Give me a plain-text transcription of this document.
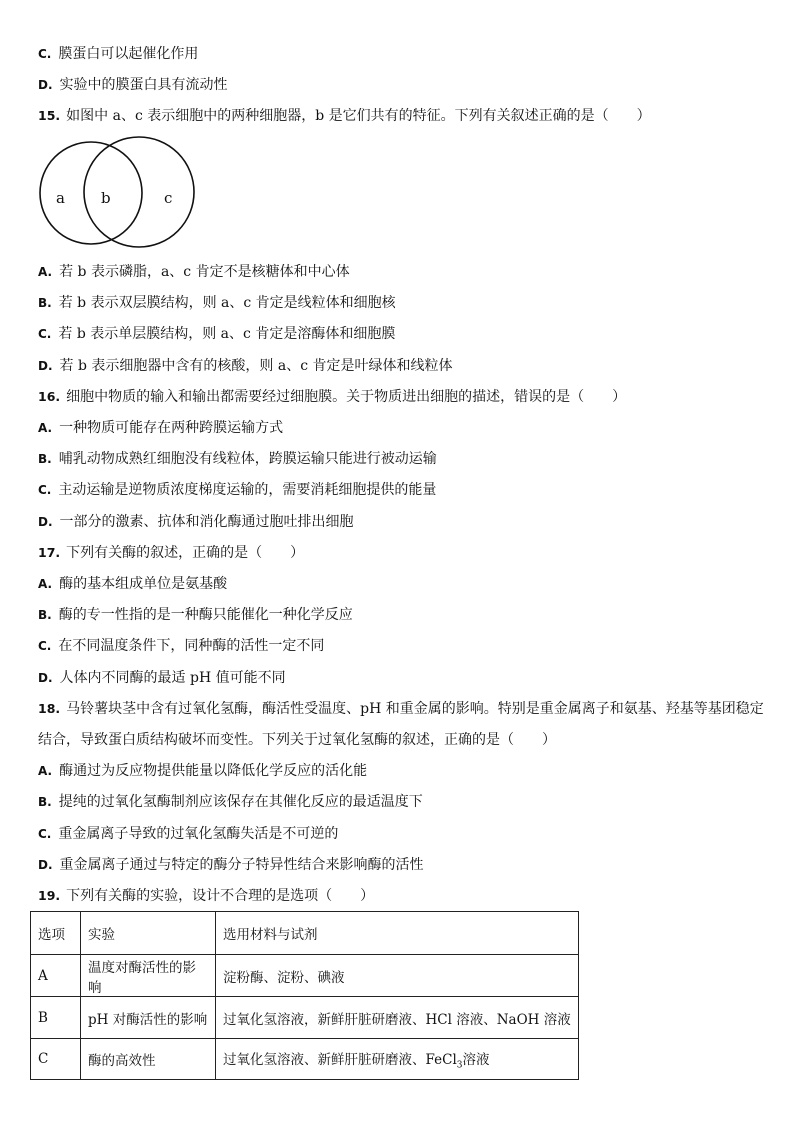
C. 膜蛋白可以起催化作用
D. 实验中的膜蛋白具有流动性
15. 如图中 a、c 表示细胞中的两种细胞器，b 是它们共有的特征。下列有关叙述正确的是（　　）
a b	c
A. 若 b 表示磷脂，a、c 肯定不是核糖体和中心体
B. 若 b 表示双层膜结构，则 a、c 肯定是线粒体和细胞核
C. 若 b 表示单层膜结构，则 a、c 肯定是溶酶体和细胞膜
D. 若 b 表示细胞器中含有的核酸，则 a、c 肯定是叶绿体和线粒体
16. 细胞中物质的输入和输出都需要经过细胞膜。关于物质进出细胞的描述，错误的是（　　）
A. 一种物质可能存在两种跨膜运输方式
B. 哺乳动物成熟红细胞没有线粒体，跨膜运输只能进行被动运输
C. 主动运输是逆物质浓度梯度运输的，需要消耗细胞提供的能量
D. 一部分的激素、抗体和消化酶通过胞吐排出细胞
17. 下列有关酶的叙述，正确的是（　　）
A. 酶的基本组成单位是氨基酸
B. 酶的专一性指的是一种酶只能催化一种化学反应
C. 在不同温度条件下，同种酶的活性一定不同
D. 人体内不同酶的最适 pH 值可能不同
18. 马铃薯块茎中含有过氧化氢酶，酶活性受温度、pH 和重金属的影响。特别是重金属离子和氨基、羟基等基团稳定
结合，导致蛋白质结构破坏而变性。下列关于过氧化氢酶的叙述，正确的是（　　）
A. 酶通过为反应物提供能量以降低化学反应的活化能
B. 提纯的过氧化氢酶制剂应该保存在其催化反应的最适温度下
C. 重金属离子导致的过氧化氢酶失活是不可逆的
D. 重金属离子通过与特定的酶分子特异性结合来影响酶的活性
19. 下列有关酶的实验，设计不合理的是选项（　　）
选项	实验	选用材料与试剂
A	温度对酶活性的影响	淀粉酶、淀粉、碘液
B	pH 对酶活性的影响	过氧化氢溶液，新鲜肝脏研磨液、HCl 溶液、NaOH 溶液
C	酶的高效性	过氧化氢溶液、新鲜肝脏研磨液、FeCl$_3$溶液
